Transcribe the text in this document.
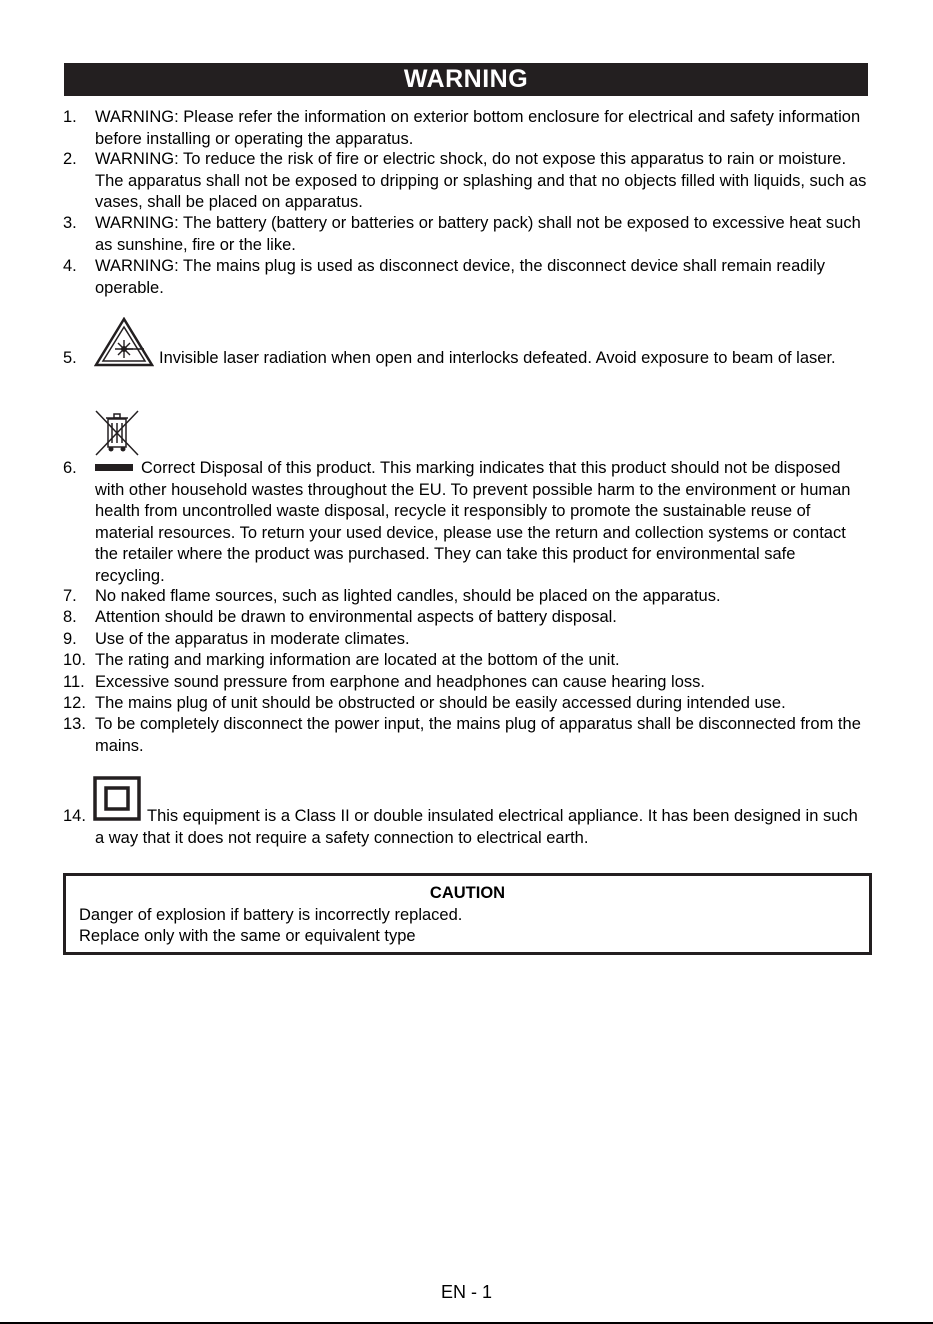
WARNING
1. WARNING: Please refer the information on exterior bottom enclosure for electrical and safety information before installing or operating the apparatus.
2. WARNING: To reduce the risk of fire or electric shock, do not expose this apparatus to rain or moisture. The apparatus shall not be exposed to dripping or splashing and that no objects filled with liquids, such as vases, shall be placed on apparatus.
3. WARNING: The battery (battery or batteries or battery pack) shall not be exposed to excessive heat such as sunshine, fire or the like.
4. WARNING: The mains plug is used as disconnect device, the disconnect device shall remain readily operable.
5.	Invisible laser radiation when open and interlocks defeated. Avoid exposure to beam of laser.
6.	Correct Disposal of this product. This marking indicates that this product should not be disposed with other household wastes throughout the EU. To prevent possible harm to the environment or human health from uncontrolled waste disposal, recycle it responsibly to promote the sustainable reuse of material resources. To return your used device, please use the return and collection systems or contact the retailer where the product was purchased. They can take this product for environmental safe recycling.
7. No naked flame sources, such as lighted candles, should be placed on the apparatus.
8. Attention should be drawn to environmental aspects of battery disposal.
9. Use of the apparatus in moderate climates.
10. The rating and marking information are located at the bottom of the unit.
11. Excessive sound pressure from earphone and headphones can cause hearing loss.
12. The mains plug of unit should be obstructed or should be easily accessed during intended use.
13. To be completely disconnect the power input, the mains plug of apparatus shall be disconnected from the mains.
14.	This equipment is a Class II or double insulated electrical appliance. It has been designed in such a way that it does not require a safety connection to electrical earth.
CAUTION
Danger of explosion if battery is incorrectly replaced.
Replace only with the same or equivalent type
EN - 1
